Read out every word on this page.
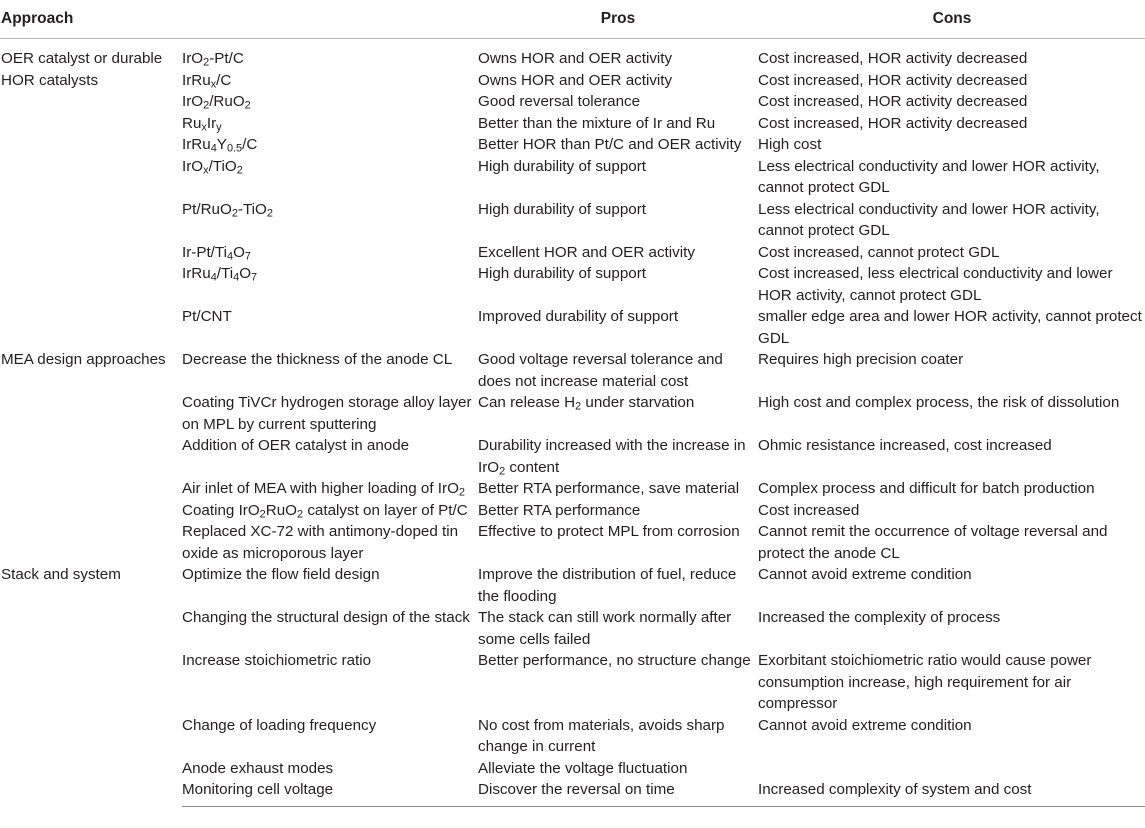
Approach		Pros	Cons
OER catalyst or durable HOR catalysts	IrO$_2$-Pt/C	Owns HOR and OER activity	Cost increased, HOR activity decreased
	IrRu$_x$/C	Owns HOR and OER activity	Cost increased, HOR activity decreased
	IrO$_2$/RuO$_2$	Good reversal tolerance	Cost increased, HOR activity decreased
	$Ru_xIr_y$	Better than the mixture of Ir and Ru	Cost increased, HOR activity decreased
	$IrRu_4Y_{0.5}/C$	Better HOR than Pt/C and OER activity	High cost
	IrO$_x$/TiO$_2$	High durability of support	Less electrical conductivity and lower HOR activity, cannot protect GDL
	Pt/RuO$_2$-TiO$_2$	High durability of support	Less electrical conductivity and lower HOR activity, cannot protect GDL
	$Ir-Pt/Ti_4O_7$	Excellent HOR and OER activity	Cost increased, cannot protect GDL
	$IrRu_4/Ti_4O_7$	High durability of support	Cost increased, less electrical conductivity and lower HOR activity, cannot protect GDL
	Pt/CNT	Improved durability of support	smaller edge area and lower HOR activity, cannot protect GDL
MEA design approaches	Decrease the thickness of the anode CL	Good voltage reversal tolerance and does not increase material cost	Requires high precision coater
	Coating TiVCr hydrogen storage alloy layer on MPL by current sputtering	Can release $H_2$ under starvation	High cost and complex process, the risk of dissolution
	Addition of OER catalyst in anode	Durability increased with the increase in IrO$_2$ content	Ohmic resistance increased, cost increased
	Air inlet of MEA with higher loading of IrO$_2$	Better RTA performance, save material	Complex process and difficult for batch production
	Coating IrO$_2$RuO$_2$ catalyst on layer of Pt/C	Better RTA performance	Cost increased
	Replaced XC-72 with antimony-doped tin oxide as microporous layer	Effective to protect MPL from corrosion	Cannot remit the occurrence of voltage reversal and protect the anode CL
Stack and system	Optimize the flow field design	Improve the distribution of fuel, reduce the flooding	Cannot avoid extreme condition
	Changing the structural design of the stack	The stack can still work normally after some cells failed	Increased the complexity of process
	Increase stoichiometric ratio	Better performance, no structure change	Exorbitant stoichiometric ratio would cause power consumption increase, high requirement for air compressor
	Change of loading frequency	No cost from materials, avoids sharp change in current	Cannot avoid extreme condition
	Anode exhaust modes	Alleviate the voltage fluctuation	
	Monitoring cell voltage	Discover the reversal on time	Increased complexity of system and cost
